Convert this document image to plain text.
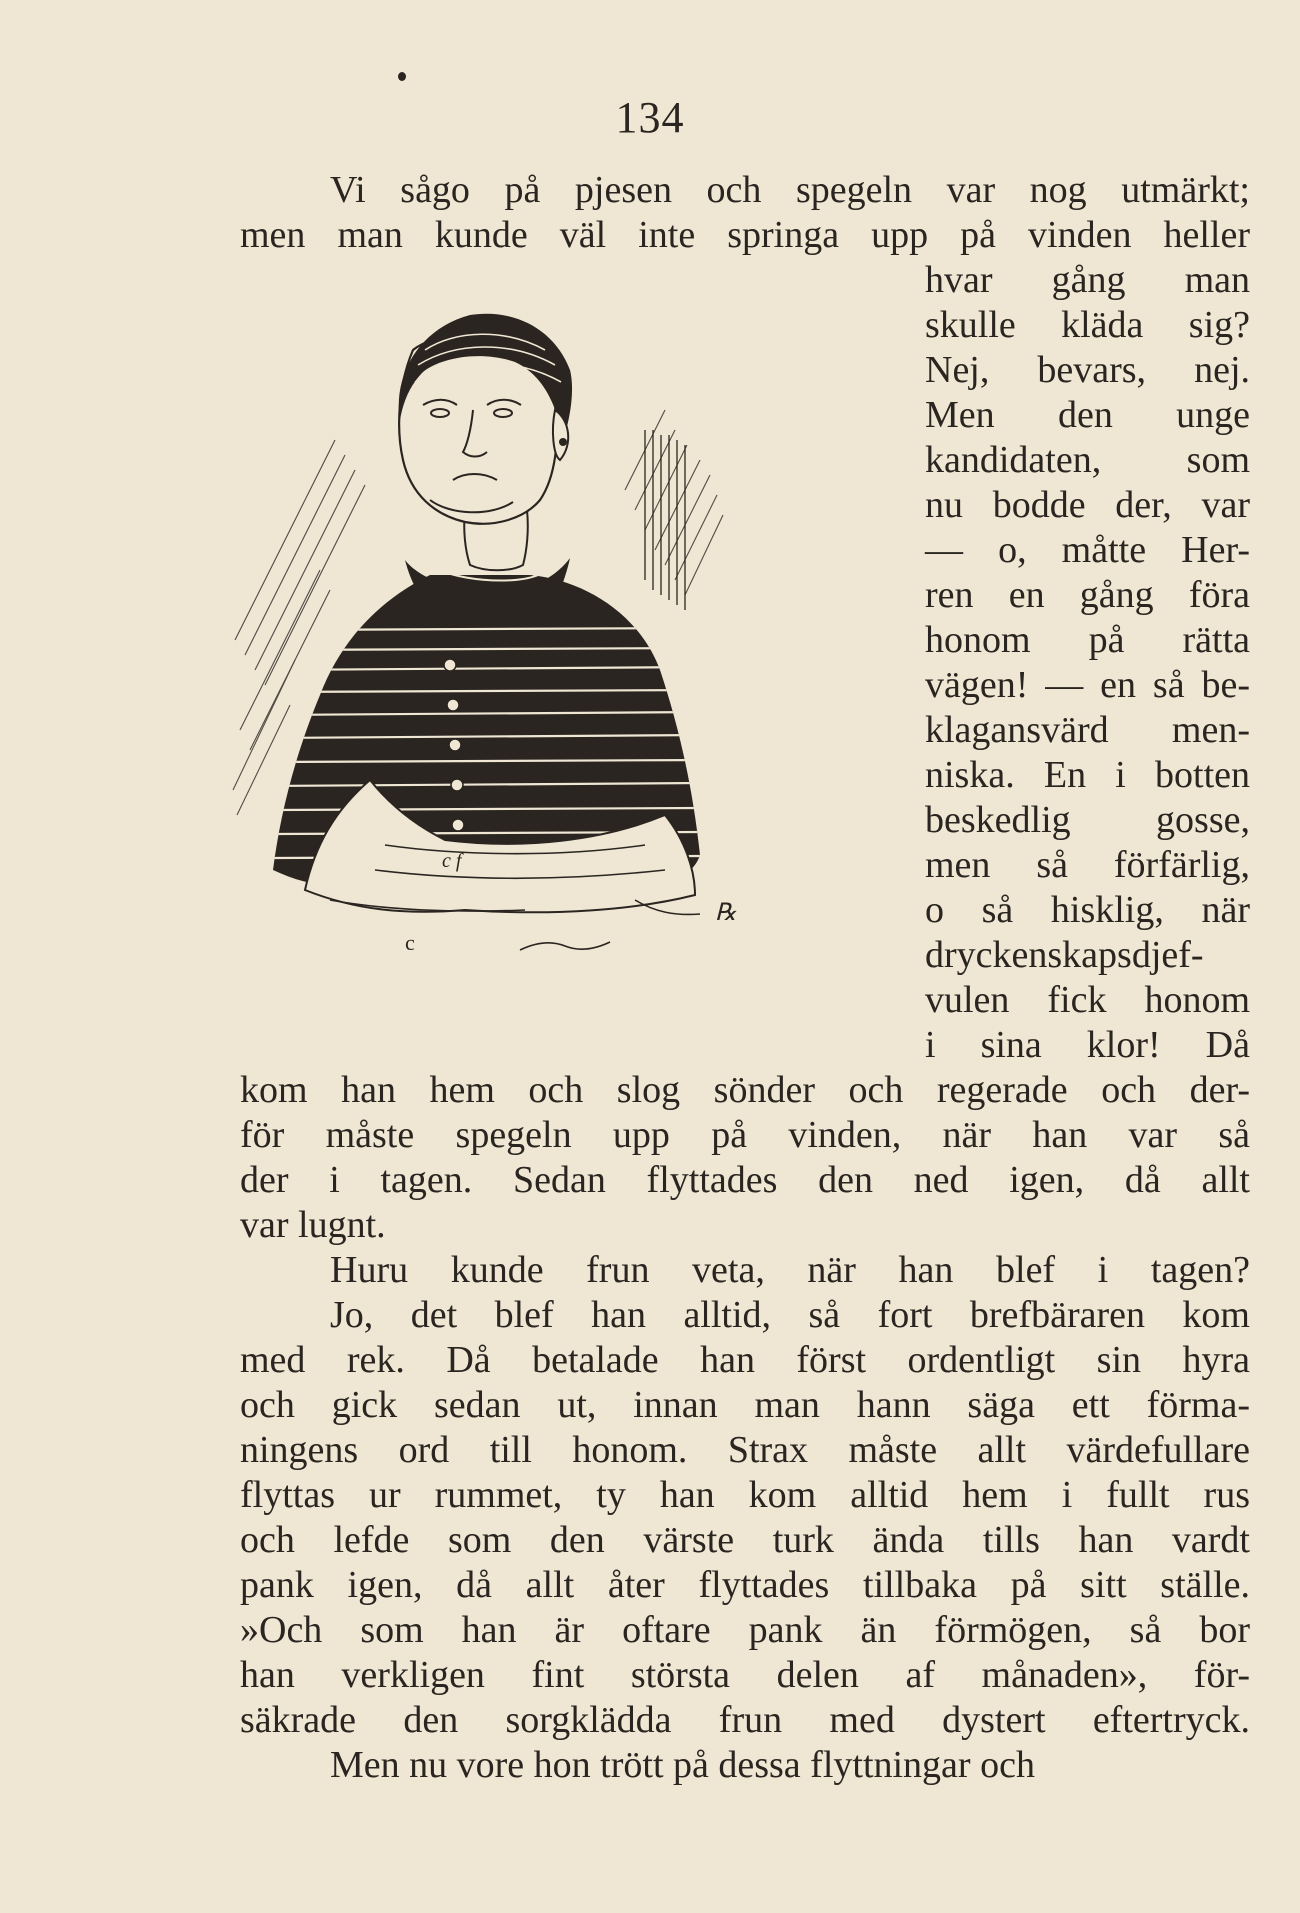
134
Vi sågo på pjesen och spegeln var nog utmärkt;
men man kunde väl inte springa upp på vinden heller
hvar gång man
skulle kläda sig?
Nej, bevars, nej.
Men den unge
kandidaten, som
nu bodde der, var
— o, måtte Her-
ren en gång föra
honom på rätta
vägen! — en så be-
klagansvärd men-
niska. En i botten
beskedlig gosse,
men så förfärlig,
o så hisklig, när
dryckenskapsdjef-
vulen fick honom
i sina klor! Då
kom han hem och slog sönder och regerade och der-
för måste spegeln upp på vinden, när han var så
der i tagen. Sedan flyttades den ned igen, då allt
var lugnt.
Huru kunde frun veta, när han blef i tagen?
Jo, det blef han alltid, så fort brefbäraren kom
med rek. Då betalade han först ordentligt sin hyra
och gick sedan ut, innan man hann säga ett förma-
ningens ord till honom. Strax måste allt värdefullare
flyttas ur rummet, ty han kom alltid hem i fullt rus
och lefde som den värste turk ända tills han vardt
pank igen, då allt åter flyttades tillbaka på sitt ställe.
»Och som han är oftare pank än förmögen, så bor
han verkligen fint största delen af månaden», för-
säkrade den sorgklädda frun med dystert eftertryck.
Men nu vore hon trött på dessa flyttningar och
c
c f
℞
